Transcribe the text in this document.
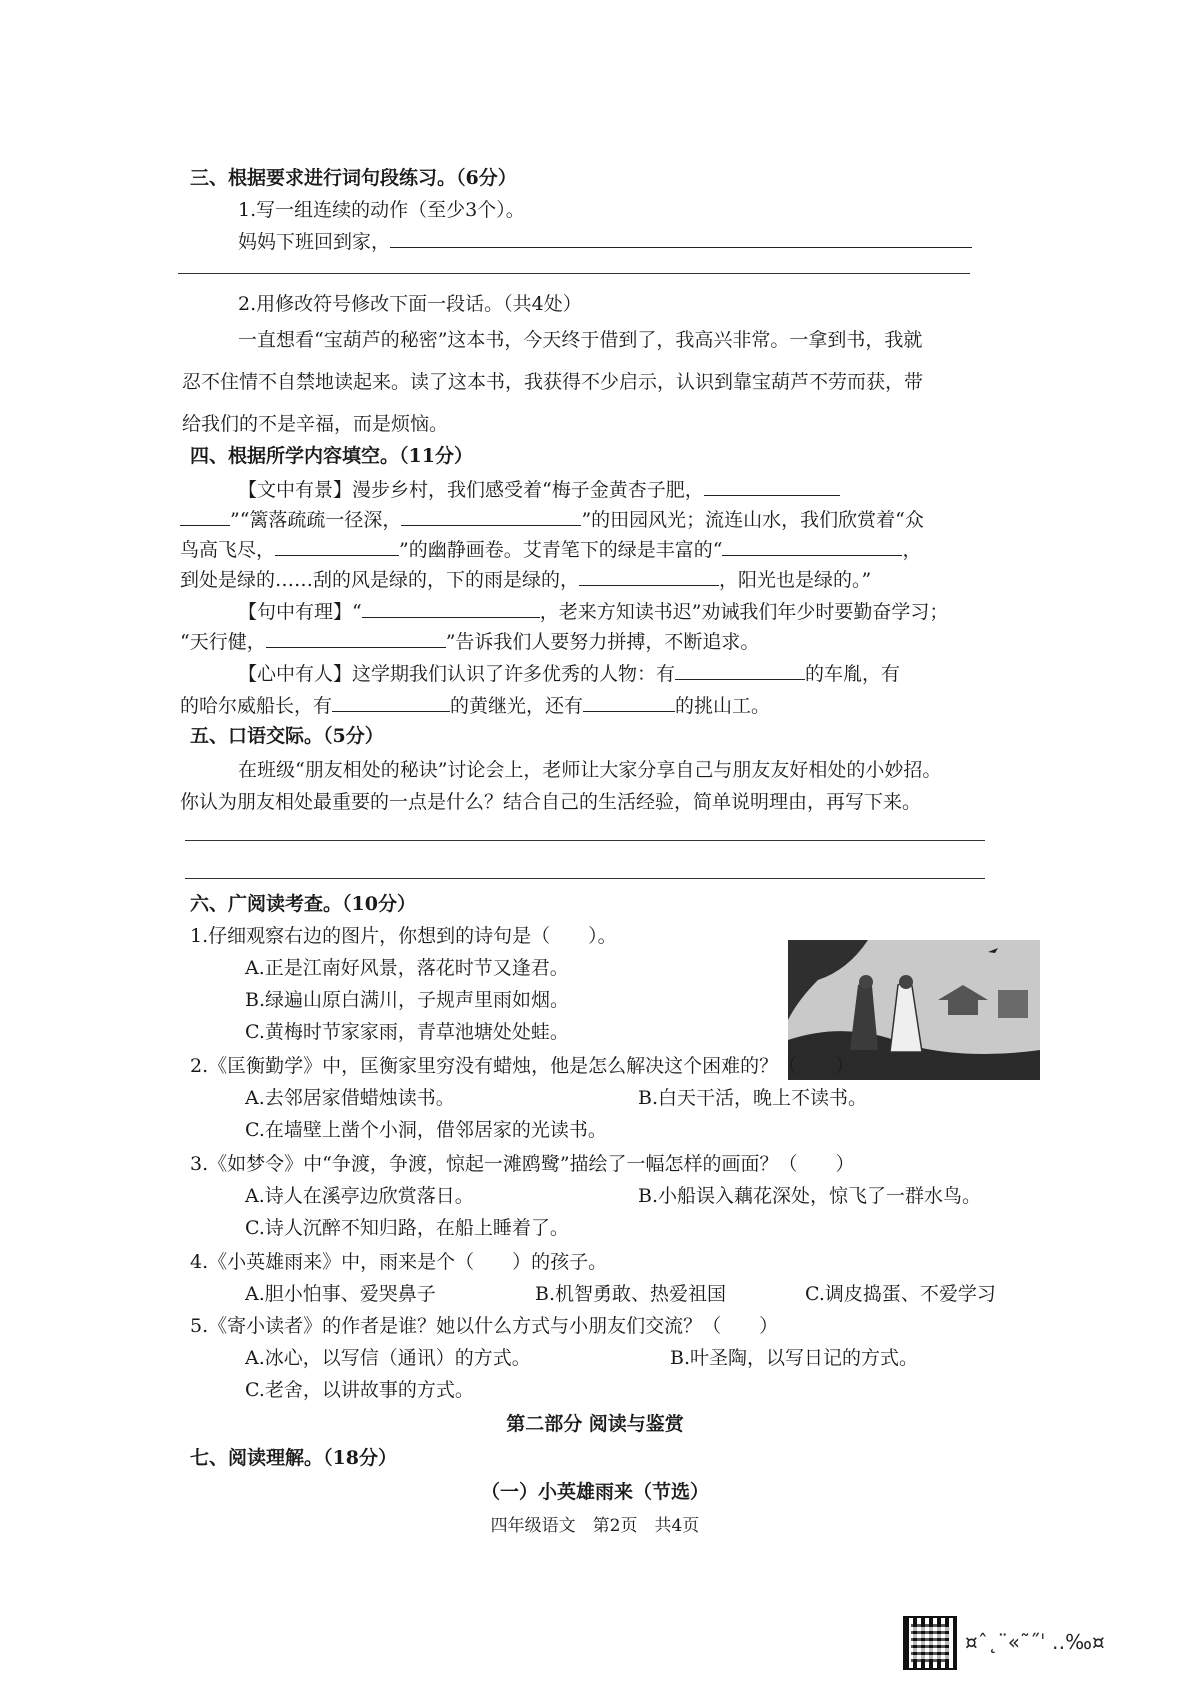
三、根据要求进行词句段练习。（6分）
1.写一组连续的动作（至少3个）。
妈妈下班回到家，
2.用修改符号修改下面一段话。（共4处）
一直想看“宝葫芦的秘密”这本书，今天终于借到了，我高兴非常。一拿到书，我就
忍不住情不自禁地读起来。读了这本书，我获得不少启示，认识到靠宝葫芦不劳而获，带
给我们的不是辛福，而是烦恼。
四、根据所学内容填空。（11分）
【文中有景】漫步乡村，我们感受着“梅子金黄杏子肥，
”“篱落疏疏一径深，	”的田园风光；流连山水，我们欣赏着“众
鸟高飞尽，	”的幽静画卷。艾青笔下的绿是丰富的“	，
到处是绿的……刮的风是绿的，下的雨是绿的，	，阳光也是绿的。”
【句中有理】“	，老来方知读书迟”劝诫我们年少时要勤奋学习；
“天行健，	”告诉我们人要努力拼搏，不断追求。
【心中有人】这学期我们认识了许多优秀的人物：有	的车胤，有
的哈尔威船长，有	的黄继光，还有	的挑山工。
五、口语交际。（5分）
在班级“朋友相处的秘诀”讨论会上，老师让大家分享自己与朋友友好相处的小妙招。
你认为朋友相处最重要的一点是什么？结合自己的生活经验，简单说明理由，再写下来。
六、广阅读考查。（10分）
1.仔细观察右边的图片，你想到的诗句是（　　）。
A.正是江南好风景，落花时节又逢君。
B.绿遍山原白满川，子规声里雨如烟。
C.黄梅时节家家雨，青草池塘处处蛙。
2.《匡衡勤学》中，匡衡家里穷没有蜡烛，他是怎么解决这个困难的？（　　）
A.去邻居家借蜡烛读书。	B.白天干活，晚上不读书。
C.在墙壁上凿个小洞，借邻居家的光读书。
3.《如梦令》中“争渡，争渡，惊起一滩鸥鹭”描绘了一幅怎样的画面？（　　）
A.诗人在溪亭边欣赏落日。	B.小船误入藕花深处，惊飞了一群水鸟。
C.诗人沉醉不知归路，在船上睡着了。
4.《小英雄雨来》中，雨来是个（　　）的孩子。
A.胆小怕事、爱哭鼻子	B.机智勇敢、热爱祖国	C.调皮捣蛋、不爱学习
5.《寄小读者》的作者是谁？她以什么方式与小朋友们交流？（　　）
A.冰心，以写信（通讯）的方式。	B.叶圣陶，以写日记的方式。
C.老舍，以讲故事的方式。
第二部分 阅读与鉴赏
七、阅读理解。（18分）
（一）小英雄雨来（节选）
四年级语文　第2页　共4页
¤ˆ˛¨«˜˝ˈ ‥‰¤
